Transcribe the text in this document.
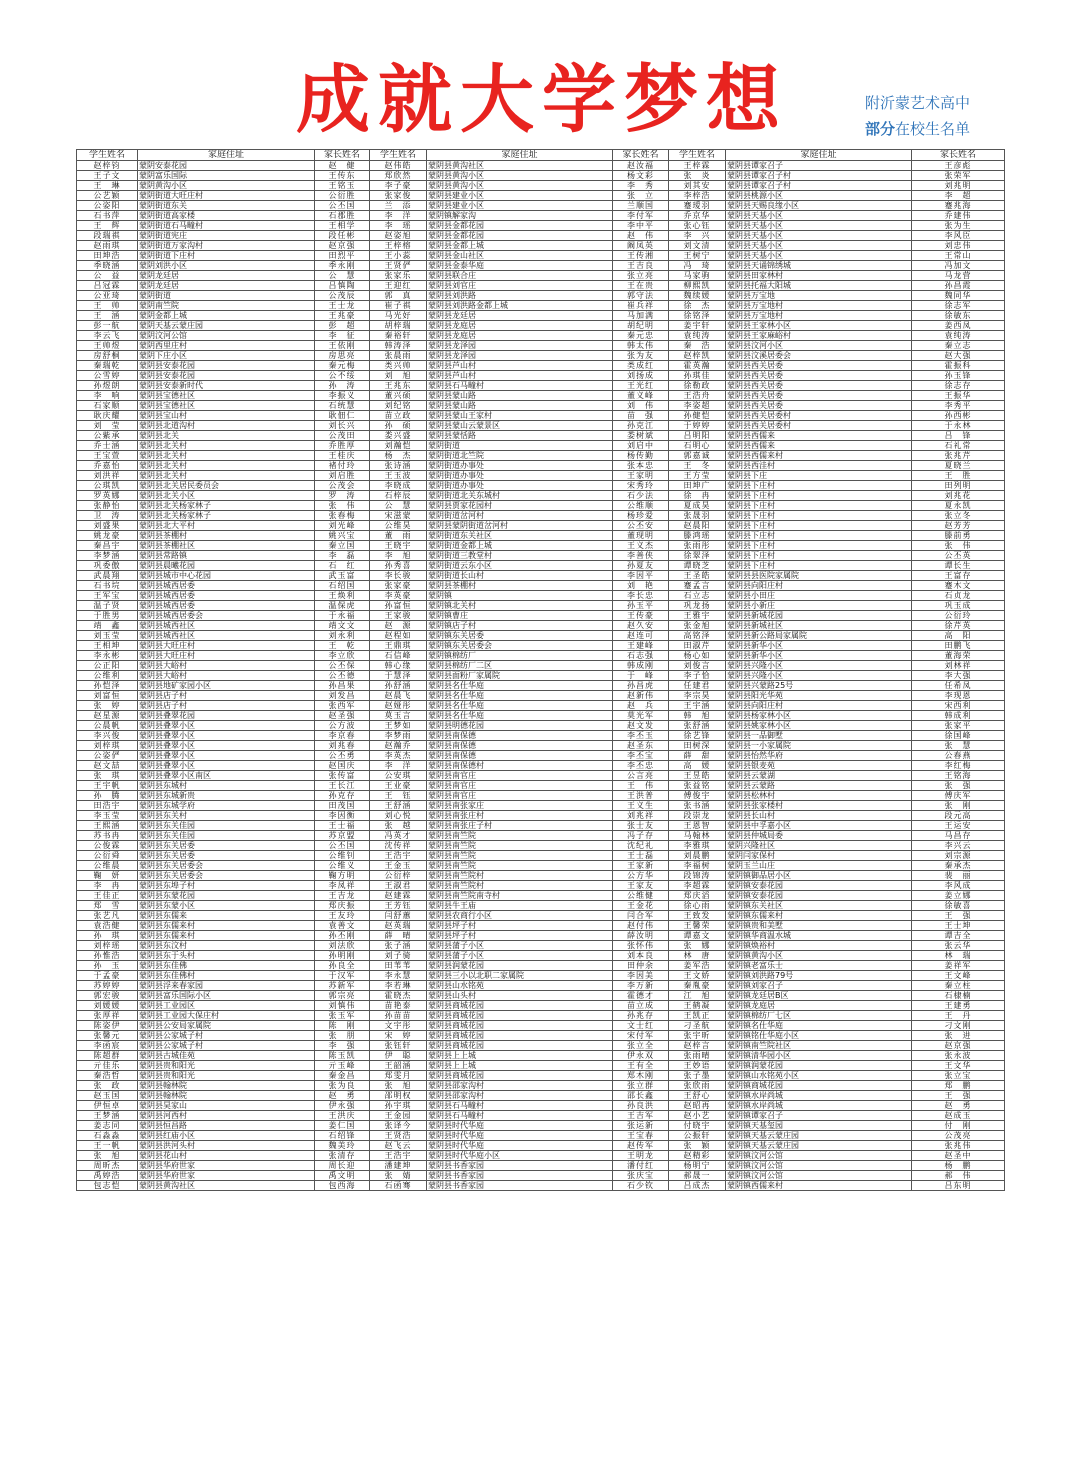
成就大学梦想	附沂蒙艺术高中
部分在校生名单
学生姓名	家庭住址	家长姓名	学生姓名	家庭住址	家长姓名	学生姓名	家庭住址	家长姓名
赵梓钧	蒙阴安泰花园	赵　健	赵伟皓	蒙阴县黄沟社区	赵汝福	王梓霖	蒙阴县谭家召子	王彦彪
王子文	蒙阴富乐国际	王传东	郑欣然	蒙阴县黄沟小区	杨文彩	张　炎	蒙阴县谭家召子村	张荣军
王　琳	蒙阴黄沟小区	王铭玉	李子豪	蒙阴县黄沟小区	李　秀	刘其安	蒙阴县谭家召子村	刘兆明
公艺颖	蒙阴街道大旺庄村	公衍胜	张家俊	蒙阴县建业小区	张　立	李梓浩	蒙阴县桃源小区	李　超
公姿阳	蒙阴街道东关	公丕国	兰　添	蒙阴县建业小区	兰顺国	蹇瑷羽	蒙阴县天赐良缘小区	蹇兆海
石书萍	蒙阴街道高家楼	石郡胜	李　洋	蒙阴镇解家沟	李付军	乔京华	蒙阴县天基小区	乔建伟
王　辉	蒙阴街道石马疃村	王相学	李　瑶	蒙阴县金都花园	李中平	张心钰	蒙阴县天基小区	张为生
段瑞祺	蒙阴街道宪庄	段任彬	赵姿旭	蒙阴县金都花园	赵　伟	李　兴	蒙阴县天基小区	李风臣
赵雨琪	蒙阴街道万家沟村	赵京强	王梓榕	蒙阴县金都上城	阚凤英	刘文清	蒙阴县天基小区	刘忠伟
田坤浩	蒙阴街道下庄村	田烈平	王小蕊	蒙阴县金山社区	王传湘	王树宁	蒙阴县天基小区	王常山
季晓涵	蒙阴刘洪小区	季永刚	王贤俨	蒙阴县金泰华庭	王吉良	冯　琦	蒙阴县天诵锦绣城	冯加文
公　益	蒙阴龙廷居	公　慧	张家乐	蒙阴县联合庄	张立亮	马家驹	蒙阴县田家林村	马龙营
吕冠霖	蒙阴龙廷居	吕慎陶	王迎红	蒙阴县刘官庄	王在贵	柳熙凯	蒙阴县托福大阳城	孙昌霞
公亚琦	蒙阴街道	公茂辰	郭　真	蒙阴县刘洪路	郭守法	魏续媛	蒙阴县万宝地	魏同华
王　帅	蒙阴南竺院	王士龙	崔子祺	蒙阴县刘洪路金都上城	崔兵祥	徐　杰	蒙阴县万宝地村	徐志军
王　涵	蒙阴金都上城	王兆豪	马光好	蒙阴县龙廷居	马加满	徐铭泽	蒙阴县万宝地村	徐敏东
彭一航	蒙阴天基云蒙庄园	彭　超	胡梓瑞	蒙阴县龙庭居	胡纪明	姜宇轩	蒙阴县王家林小区	姜西凤
李云飞	蒙阴汶河公馆	李　征	秦裕轩	蒙阴县龙庭居	秦元忠	袁纯涛	蒙阴县王家麻峪村	袁纯涛
王帅煜	蒙阴西里庄村	王依刚	韩涛泽	蒙阴县龙泽园	韩太伟	秦　浩	蒙阴县汶河小区	秦立志
房舒桐	蒙阴下庄小区	房思亮	张晨雨	蒙阴县龙泽园	张为友	赵梓凯	蒙阴县汶溪居委会	赵大强
秦瑞乾	蒙阴县安泰花园	秦元梅	类兴帅	蒙阴县芦山村	类成红	霍英瀚	蒙阴县西关居委	霍振科
公雪婷	蒙阴县安泰花园	公不绥	刘　旭	蒙阴县芦山村	刘扬成	孙琪佳	蒙阴县西关居委	孙玉锋
孙煜朗	蒙阴县安泰新时代	孙　涛	王兆东	蒙阴县石马疃村	王光红	徐勒政	蒙阴县西关居委	徐志存
李　响	蒙阴县宝德社区	李振义	董兴硕	蒙阴县蒙山路	董义峰	王浩舟	蒙阴县西关居委	王振华
石家顺	蒙阴县宝德社区	石统慧	刘纪铭	蒙阴县蒙山路	刘　伟	李姿超	蒙阴县西关居委	李秀平
耿庆耀	蒙阴县宝山村	耿佃仁	苗立政	蒙阴县蒙山王家村	苗　强	孙健恺	蒙阴县西关居委村	孙西彬
刘　莹	蒙阴县北道沟村	刘长兴	孙　硕	蒙阴县蒙山云蒙景区	孙克江	于婷婷	蒙阴县西关居委村	于永林
公紫承	蒙阴县北关	公茂田	娄兴盛	蒙阴县蒙恬路	娄树斌	吕明阳	蒙阴县西儒来	吕　锋
乔士涵	蒙阴县北关村	乔胜厚	刘瀚恺	蒙阴街道	刘启中	石明心	蒙阴县西儒来	石礼常
王宝萱	蒙阴县北关村	王桂庆	杨　杰	蒙阴街道北竺院	杨传勤	郭嘉诚	蒙阴县西儒来村	张兆芹
乔嘉怡	蒙阴县北关村	褚付玲	张诗涵	蒙阴街道办事处	张本忠	王　冬	蒙阴县西洼村	夏晓兰
刘洪祥	蒙阴县北关村	刘启胜	王玉波	蒙阴街道办事处	王家明	王方莹	蒙阴县下庄	王　胜
公琪凯	蒙阴县北关居民委员会	公茂会	李晓成	蒙阴街道办事处	宋秀玲	田坤广	蒙阴县下庄村	田列明
罗英娜	蒙阴县北关小区	罗　涛	石梓辰	蒙阴街道北关东城村	石少法	徐　冉	蒙阴县下庄村	刘兆花
张静怡	蒙阴县北关杨家林子	张　伟	公　慧	蒙阴县贾家花园村	公维顺	夏成昊	蒙阴县下庄村	夏永凯
卫　涛	蒙阴县北关杨家林子	张春梅	宋滋蒙	蒙阴街道岔河村	杨珍爱	张晟羽	蒙阴县下庄村	张立冬
刘盛果	蒙阴县北大平村	刘光峰	公维昊	蒙阴县蒙阴街道岔河村	公丕安	赵晨阳	蒙阴县下庄村	赵芳芳
姚龙豪	蒙阴县茶棚村	姚兴宝	董　雨	蒙阴街道东关社区	董现明	滕鸿瑶	蒙阴县下庄村	滕前勇
秦昌宇	蒙阴县茶棚社区	秦立国	王晓宇	蒙阴街道金都上城	王义杰	张雨彤	蒙阴县下庄村	张　伟
李梦涵	蒙阴县常路镇	李　磊	李　旭	蒙阴街道三教堂村	李善侠	徐翠泽	蒙阴县下庄村	公丕英
巩委傲	蒙阴县晨曦花园	石　红	孙秀喜	蒙阴街道云东小区	孙夏友	谭晓芝	蒙阴县下庄村	谭长生
武晨翔	蒙阴县城市中心花园	武玉富	李长骏	蒙阴街道长山村	李因平	王圣皓	蒙阴县县医院家属院	王富存
石书垸	蒙阴县城西居委	石绍国	张家豪	蒙阴县茶棚村	刘　艳	蹇孟言	蒙阴县向阳庄村	蹇木文
王军宝	蒙阴县城西居委	王焕利	李英豪	蒙阴镇	李长忠	石立志	蒙阴县小田庄	石贞龙
温子贤	蒙阴县城西居委	温保虎	孙富恒	蒙阴镇北关村	孙玉平	巩龙扬	蒙阴县小新庄	巩玉成
于胜男	蒙阴县城西居委会	于永福	王家骏	蒙阴镇曹庄	王传豪	王雅宇	蒙阴县新城花园	公衍玲
靖　鑫	蒙阴县城西社区	靖文文	赵　源	蒙阴镇店子村	赵久安	张金旭	蒙阴县新城社区	徐芹英
刘玉莹	蒙阴县城西社区	刘永利	赵程如	蒙阴镇东关居委	赵连可	高铭泽	蒙阴县新公路局家属院	高　阳
王相坤	蒙阴县大旺庄村	王　乾	王鼎琪	蒙阴镇东关居委会	王建峰	田淑芹	蒙阴县新华小区	田鹏飞
李永彬	蒙阴县大旺庄村	李立欣	石信峰	蒙阴镇棉纺厂	石志强	杨心如	蒙阴县新华小区	董海荣
公正阳	蒙阴县大峪村	公丕保	韩心缘	蒙阴县棉纺厂二区	韩成刚	刘俊言	蒙阴县兴隆小区	刘林祥
公维利	蒙阴县大峪村	公丕德	于慧泽	蒙阴县面粉厂家属院	于　峰	李子恰	蒙阴县兴隆小区	李大强
孙恺泽	蒙阴县地矿家园小区	孙昌果	孙舒涵	蒙阴县名仕华庭	孙昌虎	任建君	蒙阴县兴蒙路25号	任希凤
刘富恒	蒙阴县店子村	刘发昌	赵晨飞	蒙阴县名仕华庭	赵新伟	李宗昊	蒙阴县阳光华苑	李现恩
张　婷	蒙阴县店子村	张西军	赵娅彤	蒙阴县名仕华庭	赵　兵	王宇涵	蒙阴县向阳庄村	宋西利
赵星源	蒙阴县叠翠花园	赵圣强	莫玉言	蒙阴县名仕华庭	莫光军	韩　旭	蒙阴县杨家林小区	韩成利
公晨帆	蒙阴县叠翠小区	公方波	王梦如	蒙阴县明德花园	赵文发	张舒涵	蒙阴县姚家林小区	张家平
李兴俊	蒙阴县叠翠小区	李京春	李梦雨	蒙阴县南保德	李丕玉	徐艺锋	蒙阴县一品御墅	徐国峰
刘梓琪	蒙阴县叠翠小区	刘兆春	赵瀚乔	蒙阴县南保德	赵圣东	田树深	蒙阴县一小家属院	张　慧
公姿俨	蒙阴县叠翠小区	公丕勇	李英杰	蒙阴县南保德	李丕宝	薛　甜	蒙阴县怡然华府	公春燕
赵文喆	蒙阴县叠翠小区	赵国庆	李　洋	蒙阴县南保德村	李丕忠	高　媛	蒙阴县银麦苑	李红梅
张　琪	蒙阴县叠翠小区南区	张传富	公安琪	蒙阴县南官庄	公言亮	王昱皓	蒙阴县云蒙湖	王铭海
王宇帆	蒙阴县东城村	王长江	王业豪	蒙阴县南官庄	王　伟	张益铭	蒙阴县云蒙路	张　强
孙　腾	蒙阴县东城新贵	孙克存	王　钰	蒙阴县南官庄	王洪普	傅俊宇	蒙阴县松林村	傅庆军
田浩宇	蒙阴县东城学府	田茂国	王舒涵	蒙阴县南张家庄	王义生	张书涵	蒙阴县张家楼村	张　刚
李玉莹	蒙阴县东关村	李因衡	刘心悦	蒙阴县南张庄村	刘兆祥	段崇龙	蒙阴县长山村	段元高
王熙涵	蒙阴县东关佳园	王士福	张　越	蒙阴县南张庄子村	张士友	王恩智	蒙阴县中孚嘉小区	王运安
苏书冉	蒙阴县东关佳园	苏京盟	冯英才	蒙阴县南竺院	冯子存	马翰林	蒙阴县仲城局委	马昌存
公俊霖	蒙阴县东关居委	公丕国	沈传祥	蒙阴县南竺院	沈纪礼	李雅琪	蒙阴兴隆社区	李兴云
公衍舜	蒙阴县东关居委	公维钊	王浩宇	蒙阴县南竺院	王士磊	刘晨鹏	蒙阴闫家保村	刘宗源
公维晨	蒙阴县东关居委会	公维义	王金玉	蒙阴县南竺院	王家新	李福树	蒙阴玉兰山庄	秦承杰
鞠　妍	蒙阴县东关居委会	鞠方明	公衍梓	蒙阴县南竺院村	公方华	段锦涛	蒙阴镇御品居小区	裴　丽
李　冉	蒙阴县东埠子村	李凤祥	王淑君	蒙阴县南竺院村	王家友	李超霖	蒙阴镇安泰花园	李风成
王佳正	蒙阴县东蒙花园	王吉龙	赵建霖	蒙阴县南竺院南寺村	公维健	郑庆滔	蒙阴镇安泰花园	姜立娜
郑　雪	蒙阴县东蒙小区	郑庆振	王芳钰	蒙阴县牛王庙	王金花	徐心雨	蒙阴镇东关社区	徐敏喜
张艺凡	蒙阴县东儒来	王友玲	闫舒蕙	蒙阴县农商行小区	闫合军	王致发	蒙阴镇东儒来村	王　强
袁浩健	蒙阴县东儒来村	袁善文	赵英瑞	蒙阴县坪子村	赵付伟	王馨荣	蒙阴镇贵和美墅	王士坤
孙　琪	蒙阴县东儒来村	孙丕刚	薛　晴	蒙阴县坪子村	薛汝明	谭嘉文	蒙阴镇华商温水城	谭吉全
刘梓瑶	蒙阴县东汶村	刘法欣	张子涵	蒙阴县蒲子小区	张怀伟	张　娜	蒙阴镇焕裕村	张云华
孙惟浩	蒙阴县东于头村	孙明刚	刘子骑	蒙阴县蒲子小区	刘本良	林　唐	蒙阴镇黄沟小区	林　瑞
孙　玉	蒙阴县东佳佛	孙良全	田苇苇	蒙阴县润蒙花园	田仲余	姜军浩	蒙阴镇老富乐士	姜祥军
于孟豪	蒙阴县东佳佛村	于汉军	李永慧	蒙阴县三小以北职二家属院	李因美	王文娇	蒙阴镇刘洪路79号	王文峰
苏婷婷	蒙阴县浮来春家园	苏新军	李若琳	蒙阴县山水铭苑	李万新	秦胤豪	蒙阴镇刘家召子	秦立柱
郭宏骏	蒙阴县富乐国际小区	郭宗亮	霍晓杰	蒙阴县山头村	霍德才	江　旭	蒙阴镇龙廷居B区	石棣楠
刘媛媛	蒙阴县工业园区	刘慎伟	苗艳泰	蒙阴县商城花园	苗立成	王鹤凝	蒙阴镇龙庭居	王建勇
张厚祥	蒙阴县工业园大保庄村	张玉军	孙苗苗	蒙阴县商城花园	孙兆存	王凯正	蒙阴镇棉纺厂七区	王　丹
陈姿伊	蒙阴县公安局家属院	陈　刚	文宇彤	蒙阴县商城花园	文士红	刁圣航	蒙阴镇名仕华庭	刁文刚
张馨元	蒙阴县公家城子村	张　朋	宋　婷	蒙阴县商城花园	宋付军	张宇昕	蒙阴镇铭仕华庭小区	张　进
李函宸	蒙阴县公家城子村	李　强	张钰轩	蒙阴县商城花园	张立全	赵梓言	蒙阴镇南竺院社区	赵京强
陈超群	蒙阴县古城佳苑	陈玉凯	伊　聪	蒙阴县上上城	伊永双	张雨晴	蒙阴镇清华园小区	张永波
亓佳乐	蒙阴县贵和阳光	亓玉峰	王韶涵	蒙阴县上上城	王有全	王妙语	蒙阴镇润蒙花园	王文华
秦浩哲	蒙阴县贵和阳光	秦金昌	郑雯月	蒙阴县商城花园	郑木刚	张子墨	蒙阴镇山水铭苑小区	张立宝
张　政	蒙阴县翰林院	张为良	张　旭	蒙阴县邵家沟村	张立群	张欣雨	蒙阴镇商城花园	郑　鹏
赵玉国	蒙阴县翰林院	赵　勇	邵明权	蒙阴县邵家沟村	邵长鑫	王舒心	蒙阴镇水岸尚城	王　强
伊恒卓	蒙阴县昊家山	伊永强	孙宇琪	蒙阴县石马疃村	孙良洪	赵昭再	蒙阴镇水岸尚城	赵　勇
王梦涵	蒙阴县河西村	王洪庆	王金园	蒙阴县石马疃村	王吉军	赵小艺	蒙阴镇谭家召子	赵成玉
姜志同	蒙阴县恒昌路	姜仁国	张译今	蒙阴县时代华庭	张运新	付晓宇	蒙阴镇天基玺园	付　刚
石淼淼	蒙阴县红庙小区	石绍锋	王贤浩	蒙阴县时代华庭	王宝春	公振轩	蒙阴镇天基云蒙庄园	公茂亮
王一帆	蒙阴县洪河头村	魏美玲	赵飞云	蒙阴县时代华庭	赵传军	张　颖	蒙阴镇天基云蒙庄园	张兆伟
张　旭	蒙阴县花山村	张清存	王浩宇	蒙阴县时代华庭小区	王明龙	赵精彩	蒙阴镇汶河公馆	赵圣中
周昕杰	蒙阴县华府世家	周长迎	潘建坤	蒙阴县书香家园	潘付红	杨明宁	蒙阴镇汶河公馆	杨　鹏
禹婷浩	蒙阴县华府世家	禹文明	张　婧	蒙阴县书香家园	张庆宝	郝晟一	蒙阴镇汶河公馆	郝　伟
包志恺	蒙阴县黄沟社区	包西海	石函骞	蒙阴县书香家园	石少钦	吕成杰	蒙阴镇西儒来村	吕东明
